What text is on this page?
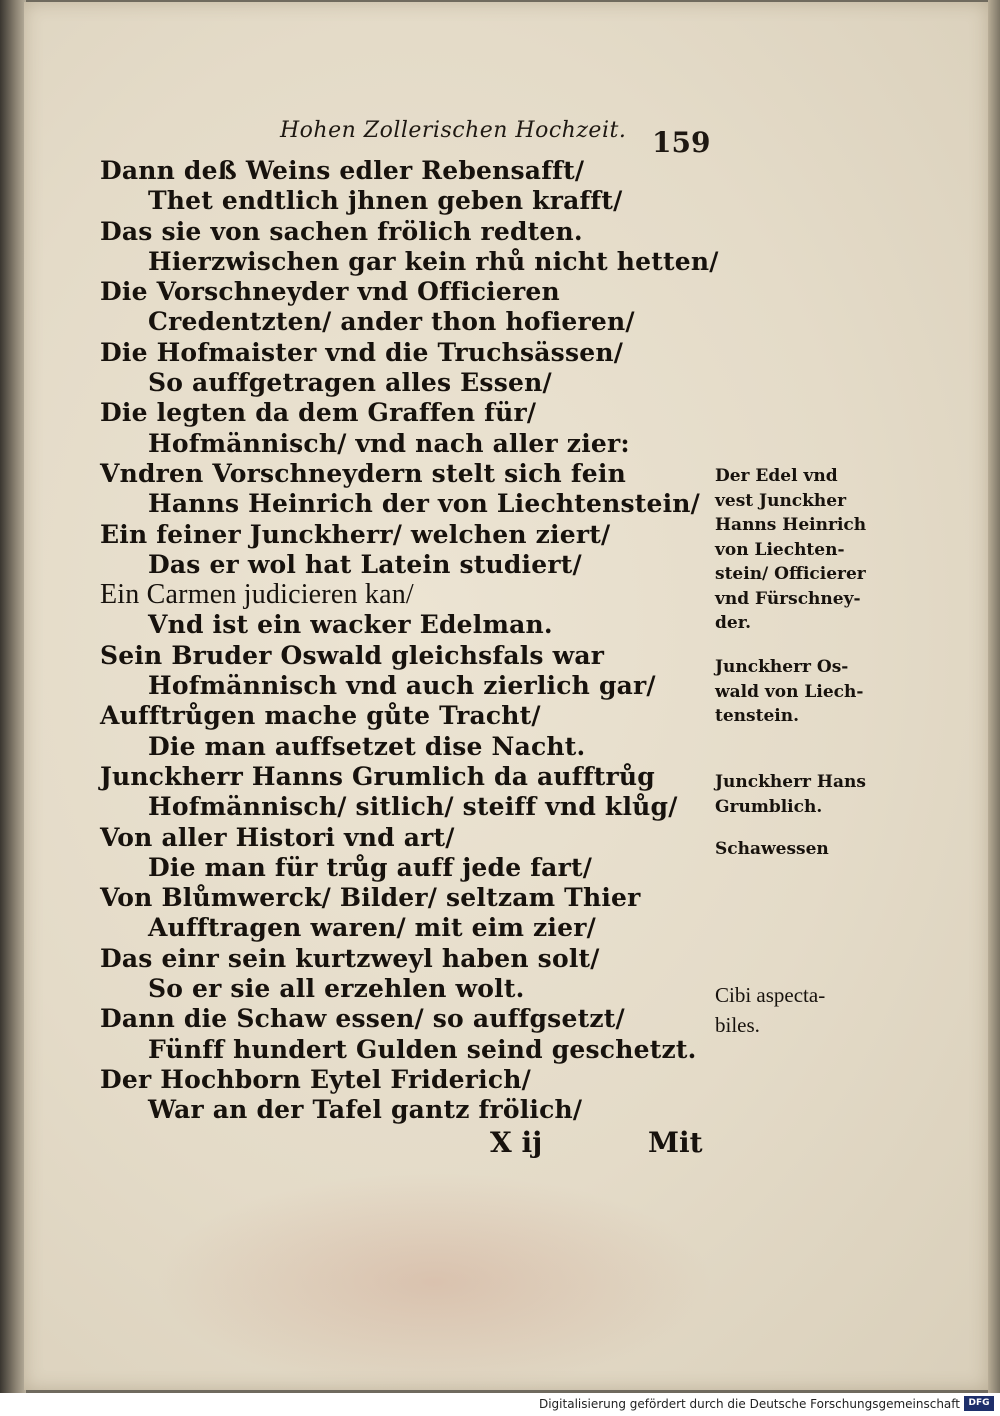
Hohen Zollerischen Hochzeit. 159
Dann deß Weins edler Rebensafft/
Thet endtlich jhnen geben krafft/
Das sie von sachen frölich redten.
Hierzwischen gar kein rhů nicht hetten/
Die Vorschneyder vnd Officieren
Credentzten/ ander thon hofieren/
Die Hofmaister vnd die Truchsässen/
So auffgetragen alles Essen/
Die legten da dem Graffen für/
Hofmännisch/ vnd nach aller zier:
Vndren Vorschneydern stelt sich fein
Hanns Heinrich der von Liechtenstein/
Ein feiner Junckherr/ welchen ziert/
Das er wol hat Latein studiert/
Ein Carmen judicieren kan/
Vnd ist ein wacker Edelman.
Sein Bruder Oswald gleichsfals war
Hofmännisch vnd auch zierlich gar/
Aufftrůgen mache gůte Tracht/
Die man auffsetzet dise Nacht.
Junckherr Hanns Grumlich da aufftrůg
Hofmännisch/ sitlich/ steiff vnd klůg/
Von aller Histori vnd art/
Die man für trůg auff jede fart/
Von Blůmwerck/ Bilder/ seltzam Thier
Aufftragen waren/ mit eim zier/
Das einr sein kurtzweyl haben solt/
So er sie all erzehlen wolt.
Dann die Schaw essen/ so auffgsetzt/
Fünff hundert Gulden seind geschetzt.
Der Hochborn Eytel Friderich/
War an der Tafel gantz frölich/
Der Edel vnd
vest Junckher
Hanns Heinrich
von Liechten-
stein/ Officierer
vnd Fürschney-
der.
Junckherr Os-
wald von Liech-
tenstein.
Junckherr Hans
Grumblich.
Schawessen
Cibi aspecta-
biles.
X ij	Mit
Digitalisierung gefördert durch die Deutsche Forschungsgemeinschaft DFG
